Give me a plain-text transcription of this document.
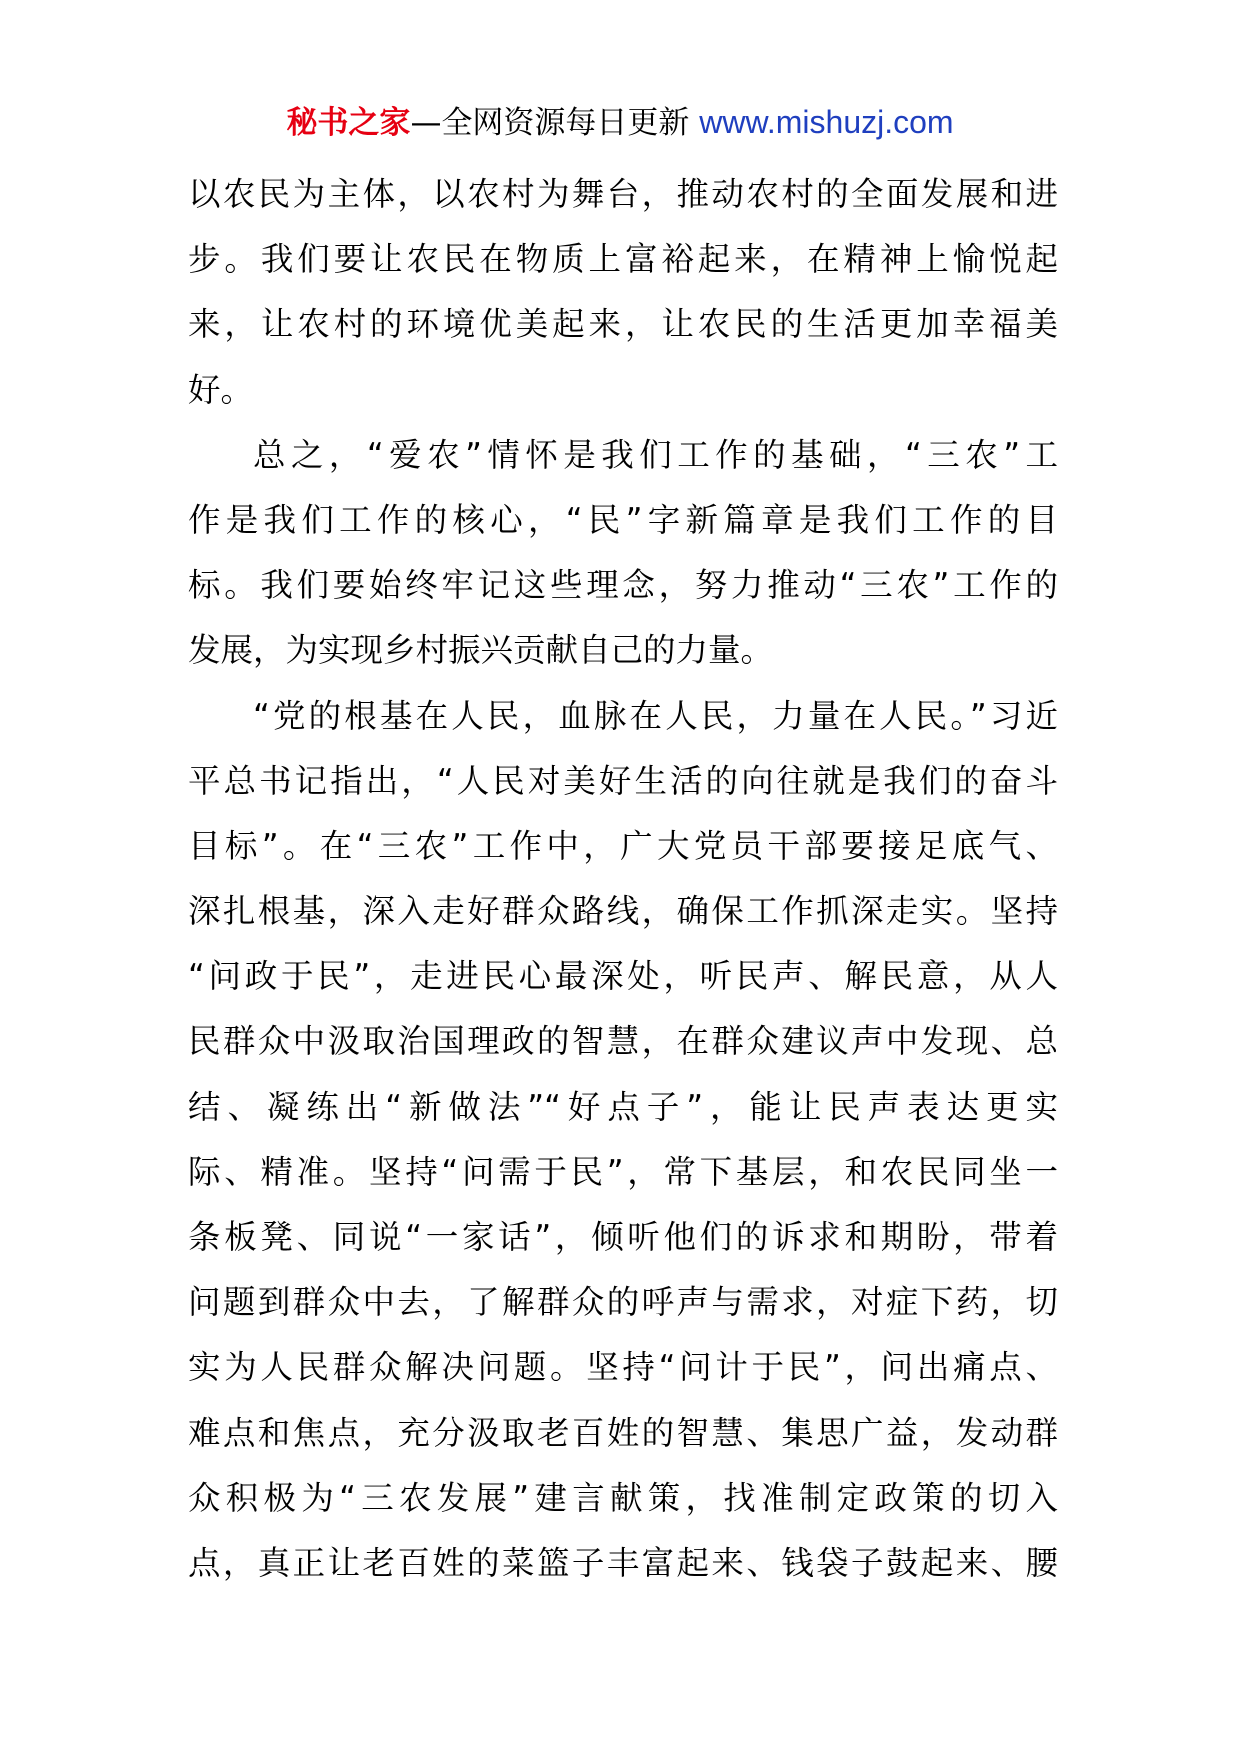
秘书之家—全网资源每日更新 www.mishuzj.com
以农民为主体，以农村为舞台，推动农村的全面发展和进
步。我们要让农民在物质上富裕起来，在精神上愉悦起
来，让农村的环境优美起来，让农民的生活更加幸福美
好。
总之，“爱农”情怀是我们工作的基础，“三农”工
作是我们工作的核心，“民”字新篇章是我们工作的目
标。我们要始终牢记这些理念，努力推动“三农”工作的
发展，为实现乡村振兴贡献自己的力量。
“党的根基在人民，血脉在人民，力量在人民。”习近
平总书记指出，“人民对美好生活的向往就是我们的奋斗
目标”。在“三农”工作中，广大党员干部要接足底气、
深扎根基，深入走好群众路线，确保工作抓深走实。坚持
“问政于民”，走进民心最深处，听民声、解民意，从人
民群众中汲取治国理政的智慧，在群众建议声中发现、总
结、凝练出“新做法”“好点子”，能让民声表达更实
际、精准。坚持“问需于民”，常下基层，和农民同坐一
条板凳、同说“一家话”，倾听他们的诉求和期盼，带着
问题到群众中去，了解群众的呼声与需求，对症下药，切
实为人民群众解决问题。坚持“问计于民”，问出痛点、
难点和焦点，充分汲取老百姓的智慧、集思广益，发动群
众积极为“三农发展”建言献策，找准制定政策的切入
点，真正让老百姓的菜篮子丰富起来、钱袋子鼓起来、腰
